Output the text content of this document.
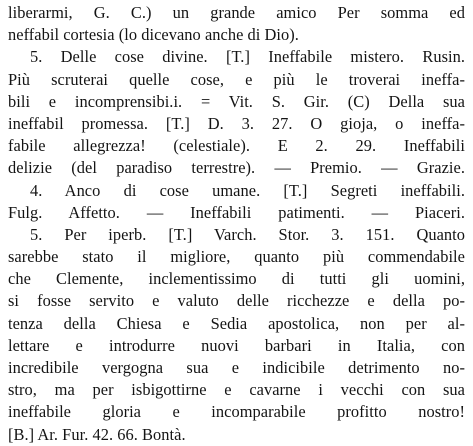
liberarmi, G. C.) un grande amico Per somma ed
neffabil cortesia (lo dicevano anche di Dio).
5. Delle cose divine. [T.] Ineffabile mistero. Rusin.
Più scruterai quelle cose, e più le troverai ineffa-
bili e incomprensibi.i. = Vit. S. Gir. (C) Della sua
ineffabil promessa. [T.] D. 3. 27. O gioja, o ineffa-
fabile allegrezza! (celestiale). E 2. 29. Ineffabili
delizie (del paradiso terrestre). — Premio. — Grazie.
4. Anco di cose umane. [T.] Segreti ineffabili.
Fulg. Affetto. — Ineffabili patimenti. — Piaceri.
5. Per iperb. [T.] Varch. Stor. 3. 151. Quanto
sarebbe stato il migliore, quanto più commendabile
che Clemente, inclementissimo di tutti gli uomini,
si fosse servito e valuto delle ricchezze e della po-
tenza della Chiesa e Sedia apostolica, non per al-
lettare e introdurre nuovi barbari in Italia, con
incredibile vergogna sua e indicibile detrimento no-
stro, ma per isbigottirne e cavarne i vecchi con sua
ineffabile gloria e incomparabile profitto nostro!
[B.] Ar. Fur. 42. 66. Bontà.
